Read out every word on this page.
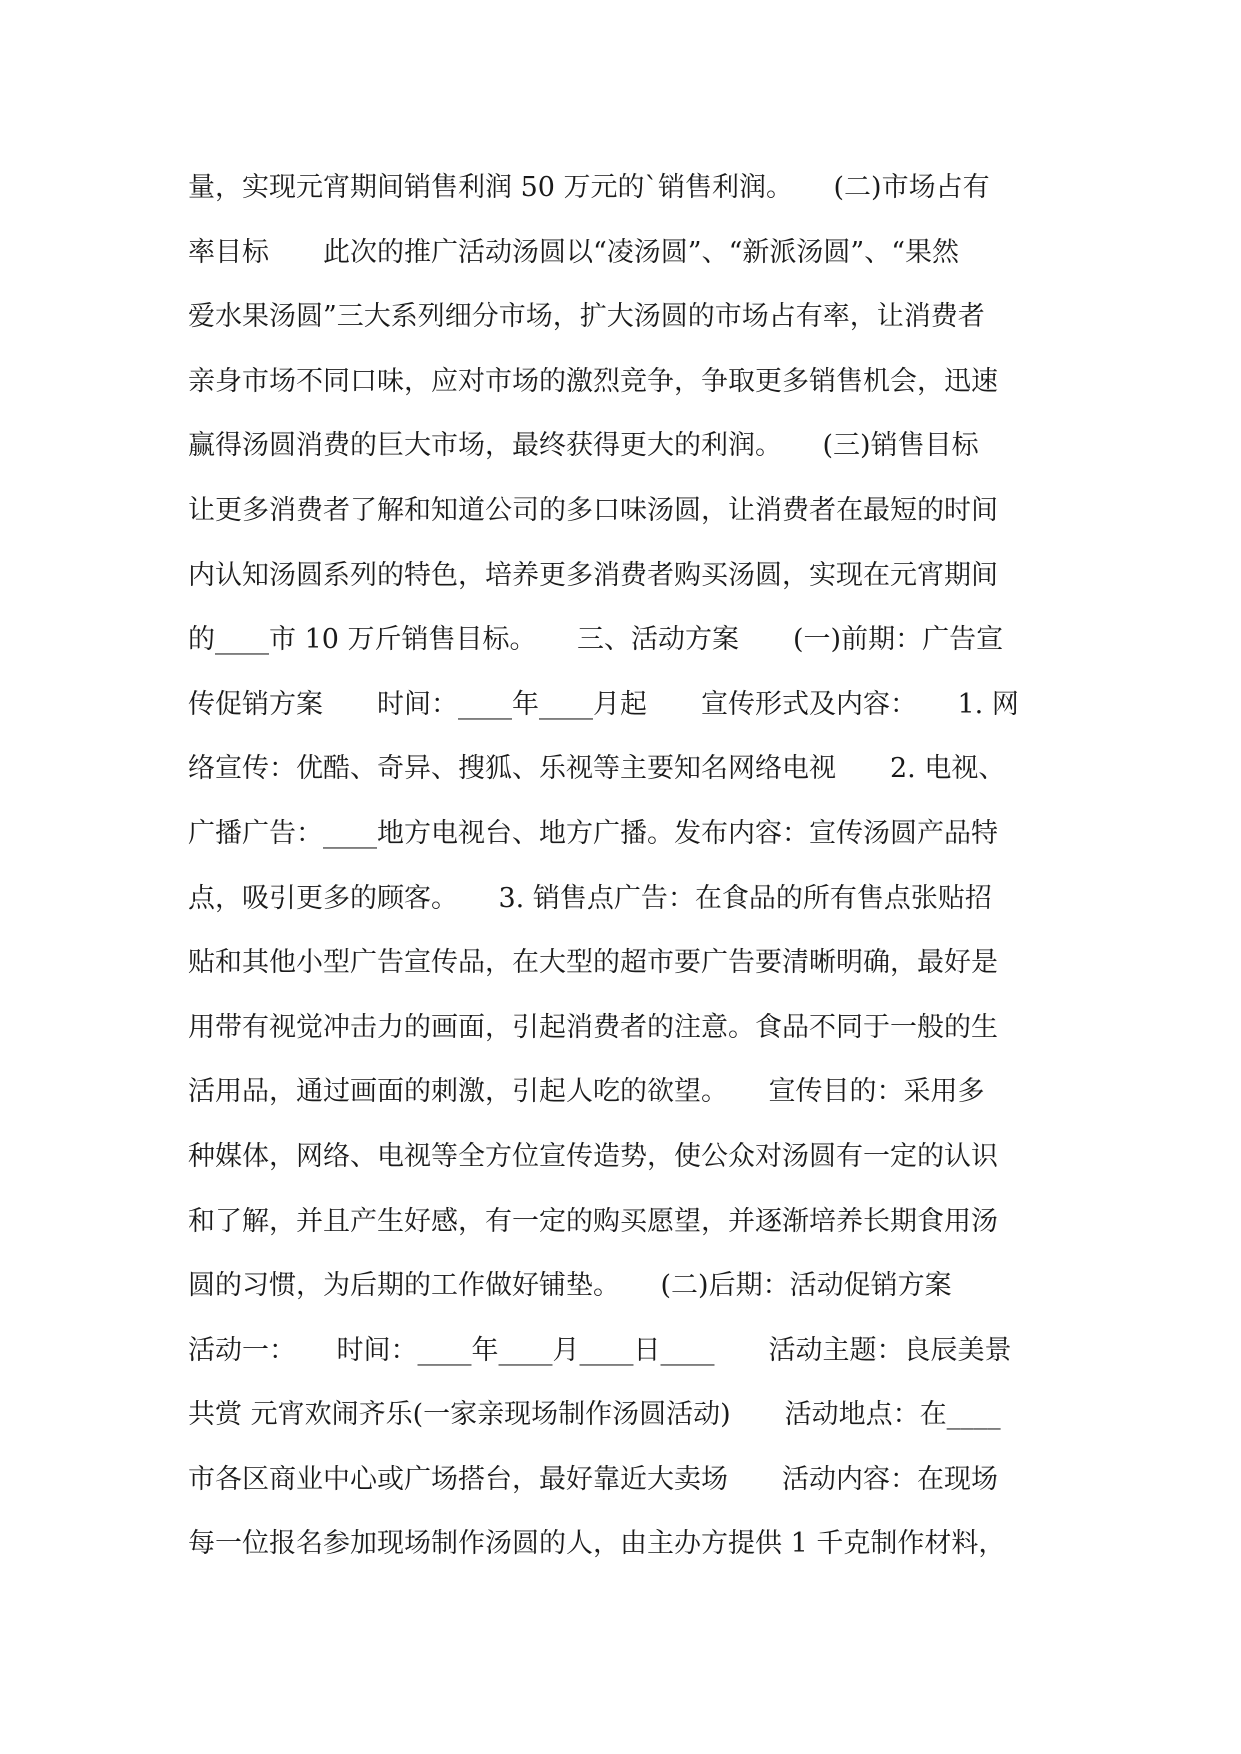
量，实现元宵期间销售利润 50 万元的`销售利润。　　(二)市场占有
率目标　　此次的推广活动汤圆以“凌汤圆”、“新派汤圆”、“果然
爱水果汤圆”三大系列细分市场，扩大汤圆的市场占有率，让消费者
亲身市场不同口味，应对市场的激烈竞争，争取更多销售机会，迅速
赢得汤圆消费的巨大市场，最终获得更大的利润。　　(三)销售目标
让更多消费者了解和知道公司的多口味汤圆，让消费者在最短的时间
内认知汤圆系列的特色，培养更多消费者购买汤圆，实现在元宵期间
的____市 10 万斤销售目标。　　三、活动方案　　(一)前期：广告宣
传促销方案　　时间：____年____月起　　宣传形式及内容：　　1. 网
络宣传：优酷、奇异、搜狐、乐视等主要知名网络电视　　2. 电视、
广播广告：____地方电视台、地方广播。发布内容：宣传汤圆产品特
点，吸引更多的顾客。　　3. 销售点广告：在食品的所有售点张贴招
贴和其他小型广告宣传品，在大型的超市要广告要清晰明确，最好是
用带有视觉冲击力的画面，引起消费者的注意。食品不同于一般的生
活用品，通过画面的刺激，引起人吃的欲望。　　宣传目的：采用多
种媒体，网络、电视等全方位宣传造势，使公众对汤圆有一定的认识
和了解，并且产生好感，有一定的购买愿望，并逐渐培养长期食用汤
圆的习惯，为后期的工作做好铺垫。　　(二)后期：活动促销方案
活动一：　　时间：____年____月____日____　　活动主题：良辰美景
共赏 元宵欢闹齐乐(一家亲现场制作汤圆活动)　　活动地点：在____
市各区商业中心或广场搭台，最好靠近大卖场　　活动内容：在现场
每一位报名参加现场制作汤圆的人，由主办方提供 1 千克制作材料，
